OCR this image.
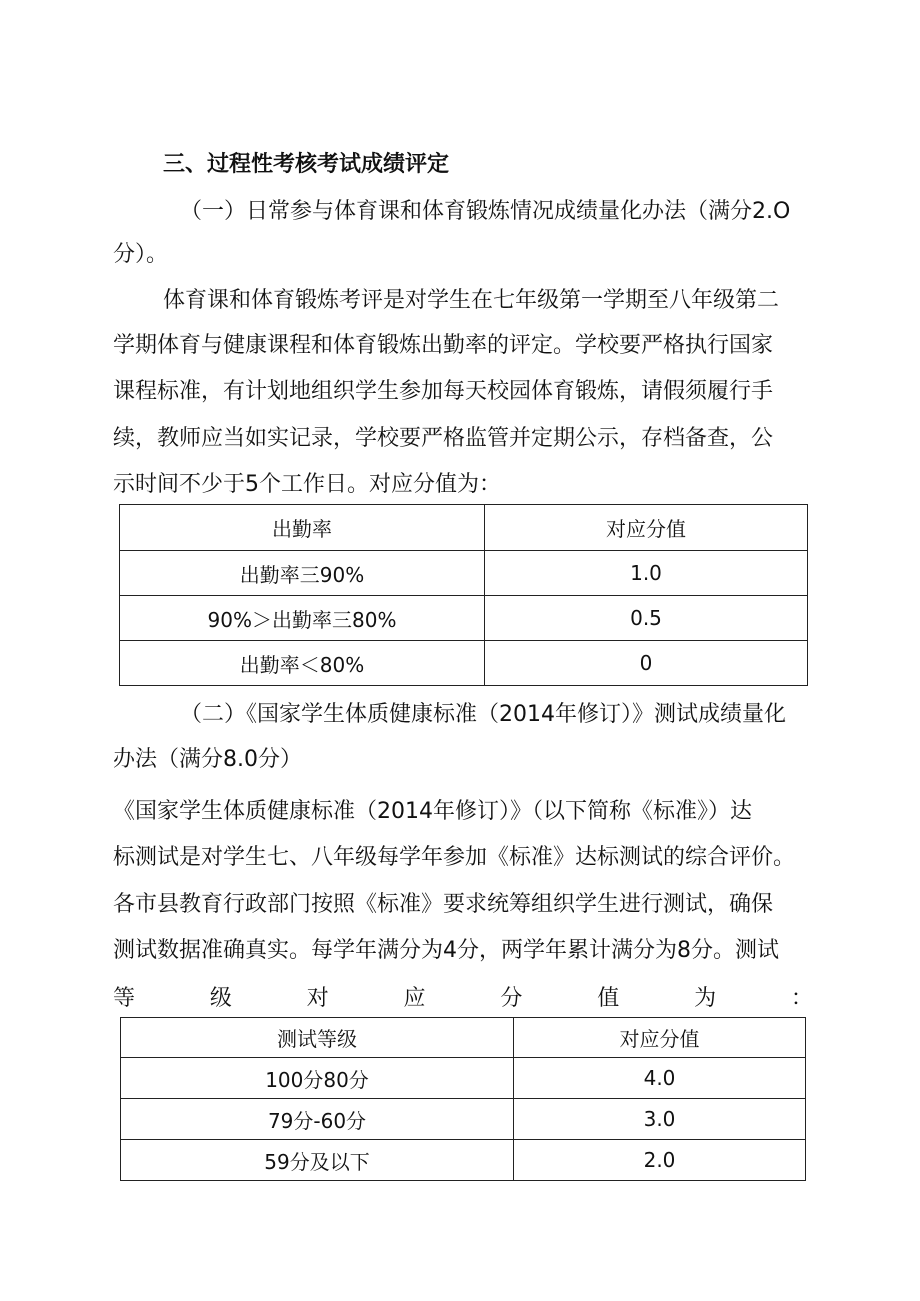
三、过程性考核考试成绩评定
（一）日常参与体育课和体育锻炼情况成绩量化办法（满分2.O
分）。
体育课和体育锻炼考评是对学生在七年级第一学期至八年级第二
学期体育与健康课程和体育锻炼出勤率的评定。学校要严格执行国家
课程标准，有计划地组织学生参加每天校园体育锻炼，请假须履行手
续，教师应当如实记录，学校要严格监管并定期公示，存档备查，公
示时间不少于5个工作日。对应分值为：
出勤率	对应分值
出勤率三90%	1.0
90%＞出勤率三80%	0.5
出勤率＜80%	0
（二）《国家学生体质健康标准（2014年修订）》测试成绩量化
办法（满分8.0分）
《国家学生体质健康标准（2014年修订）》（以下简称《标准》）达
标测试是对学生七、八年级每学年参加《标准》达标测试的综合评价。
各市县教育行政部门按照《标准》要求统筹组织学生进行测试，确保
测试数据准确真实。每学年满分为4分，两学年累计满分为8分。测试
等	级	对	应	分	值	为	：
测试等级	对应分值
100分80分	4.0
79分-60分	3.0
59分及以下	2.0
